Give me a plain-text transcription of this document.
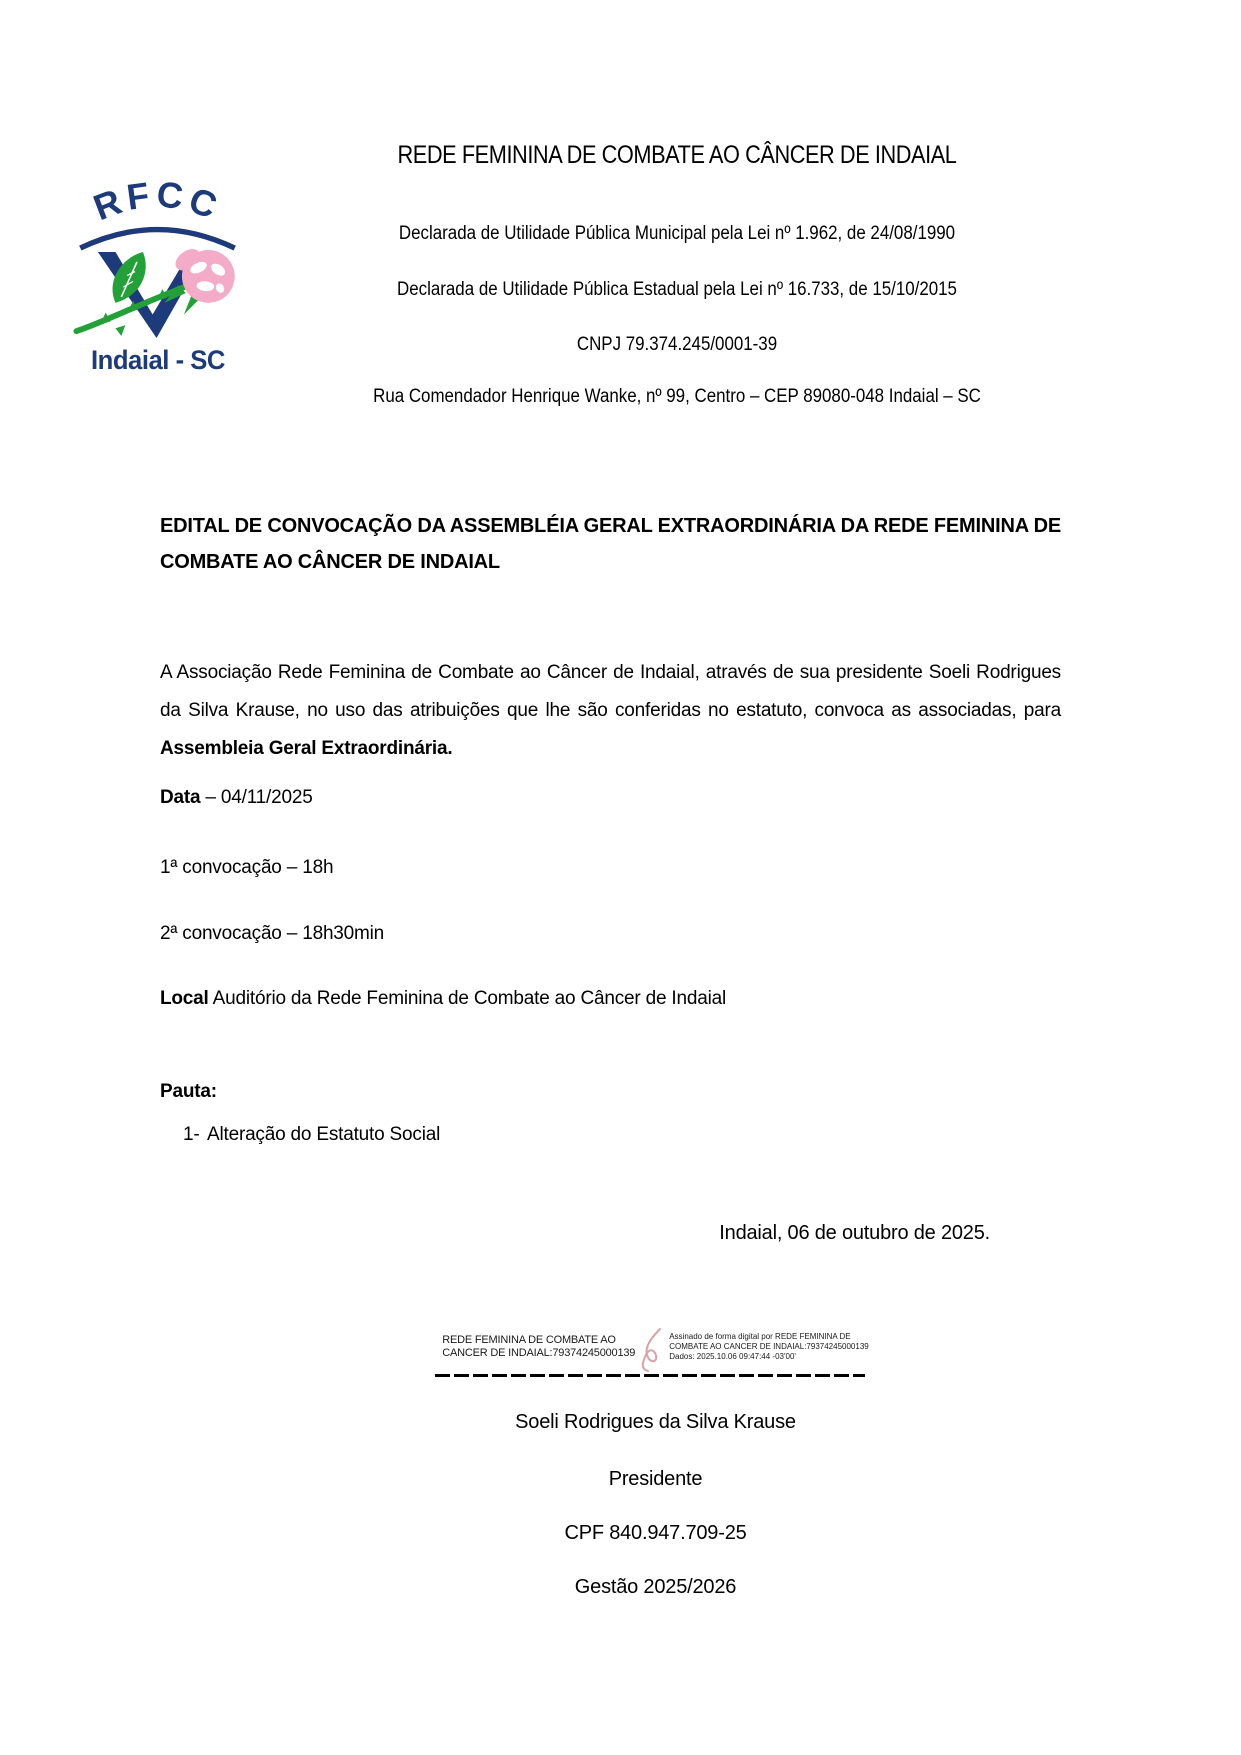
RFCC
Indaial - SC
REDE FEMININA DE COMBATE AO CÂNCER DE INDAIAL
Declarada de Utilidade Pública Municipal pela Lei nº 1.962, de 24/08/1990
Declarada de Utilidade Pública Estadual pela Lei nº 16.733, de 15/10/2015
CNPJ 79.374.245/0001-39
Rua Comendador Henrique Wanke, nº 99, Centro – CEP 89080-048 Indaial – SC
EDITAL DE CONVOCAÇÃO DA ASSEMBLÉIA GERAL EXTRAORDINÁRIA DA REDE FEMININA DE COMBATE AO CÂNCER DE INDAIAL
A Associação Rede Feminina de Combate ao Câncer de Indaial, através de sua presidente Soeli Rodrigues da Silva Krause, no uso das atribuições que lhe são conferidas no estatuto, convoca as associadas, para Assembleia Geral Extraordinária.
Data – 04/11/2025
1ª convocação – 18h
2ª convocação – 18h30min
Local Auditório da Rede Feminina de Combate ao Câncer de Indaial
Pauta:
1- Alteração do Estatuto Social
Indaial, 06 de outubro de 2025.
REDE FEMININA DE COMBATE AO
CANCER DE INDAIAL:79374245000139
Assinado de forma digital por REDE FEMININA DE
COMBATE AO CANCER DE INDAIAL:79374245000139
Dados: 2025.10.06 09:47:44 -03'00'
Soeli Rodrigues da Silva Krause
Presidente
CPF 840.947.709-25
Gestão 2025/2026
